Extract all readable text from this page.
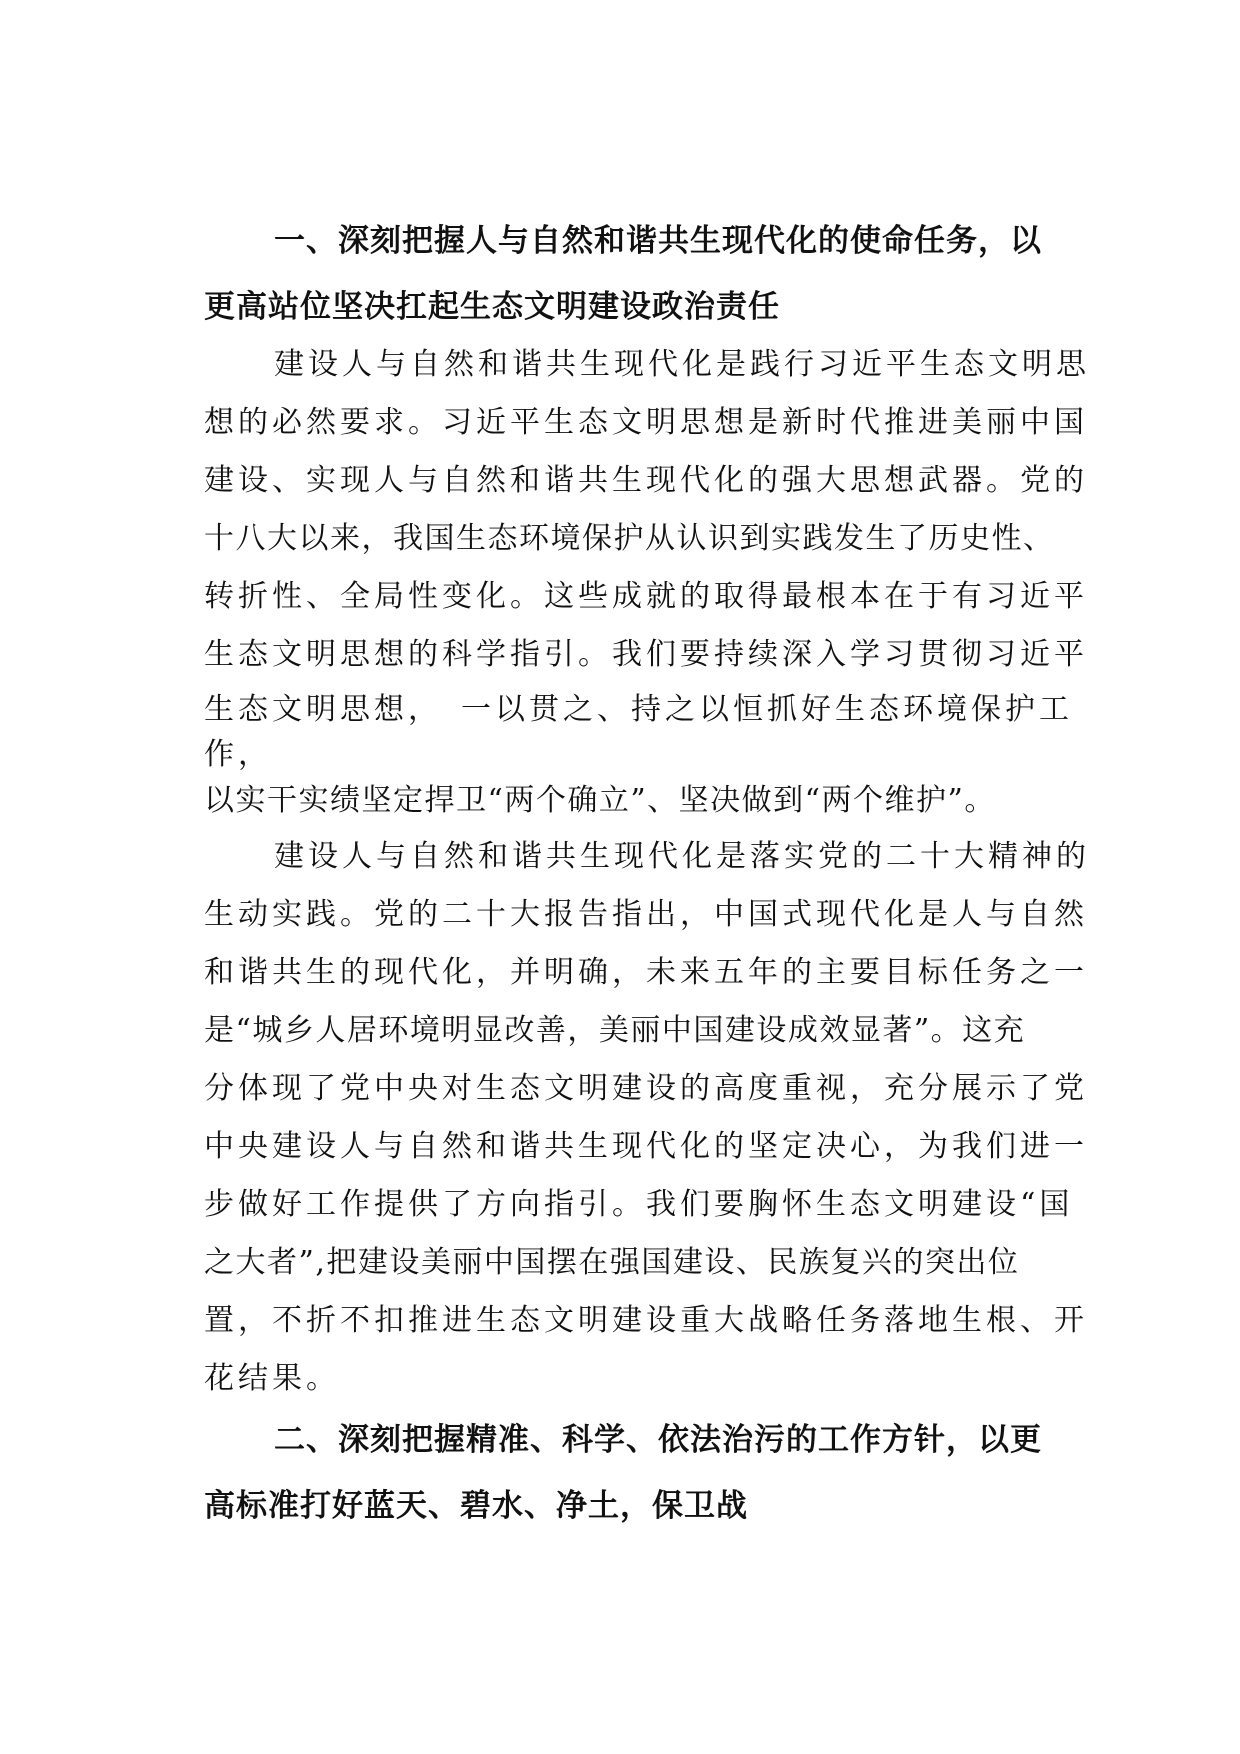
一、深刻把握人与自然和谐共生现代化的使命任务，以
更高站位坚决扛起生态文明建设政治责任
建设人与自然和谐共生现代化是践行习近平生态文明思
想的必然要求。习近平生态文明思想是新时代推进美丽中国
建设、实现人与自然和谐共生现代化的强大思想武器。党的
十八大以来，我国生态环境保护从认识到实践发生了历史性、
转折性、全局性变化。这些成就的取得最根本在于有习近平
生态文明思想的科学指引。我们要持续深入学习贯彻习近平
生态文明思想，　一以贯之、持之以恒抓好生态环境保护工
作，
以实干实绩坚定捍卫“两个确立”、坚决做到“两个维护”。
建设人与自然和谐共生现代化是落实党的二十大精神的
生动实践。党的二十大报告指出，中国式现代化是人与自然
和谐共生的现代化，并明确，未来五年的主要目标任务之一
是“城乡人居环境明显改善，美丽中国建设成效显著”。这充
分体现了党中央对生态文明建设的高度重视，充分展示了党
中央建设人与自然和谐共生现代化的坚定决心，为我们进一
步做好工作提供了方向指引。我们要胸怀生态文明建设“国
之大者”,把建设美丽中国摆在强国建设、民族复兴的突出位
置，不折不扣推进生态文明建设重大战略任务落地生根、开
花结果。
二、深刻把握精准、科学、依法治污的工作方针，以更
高标准打好蓝天、碧水、净土，保卫战
